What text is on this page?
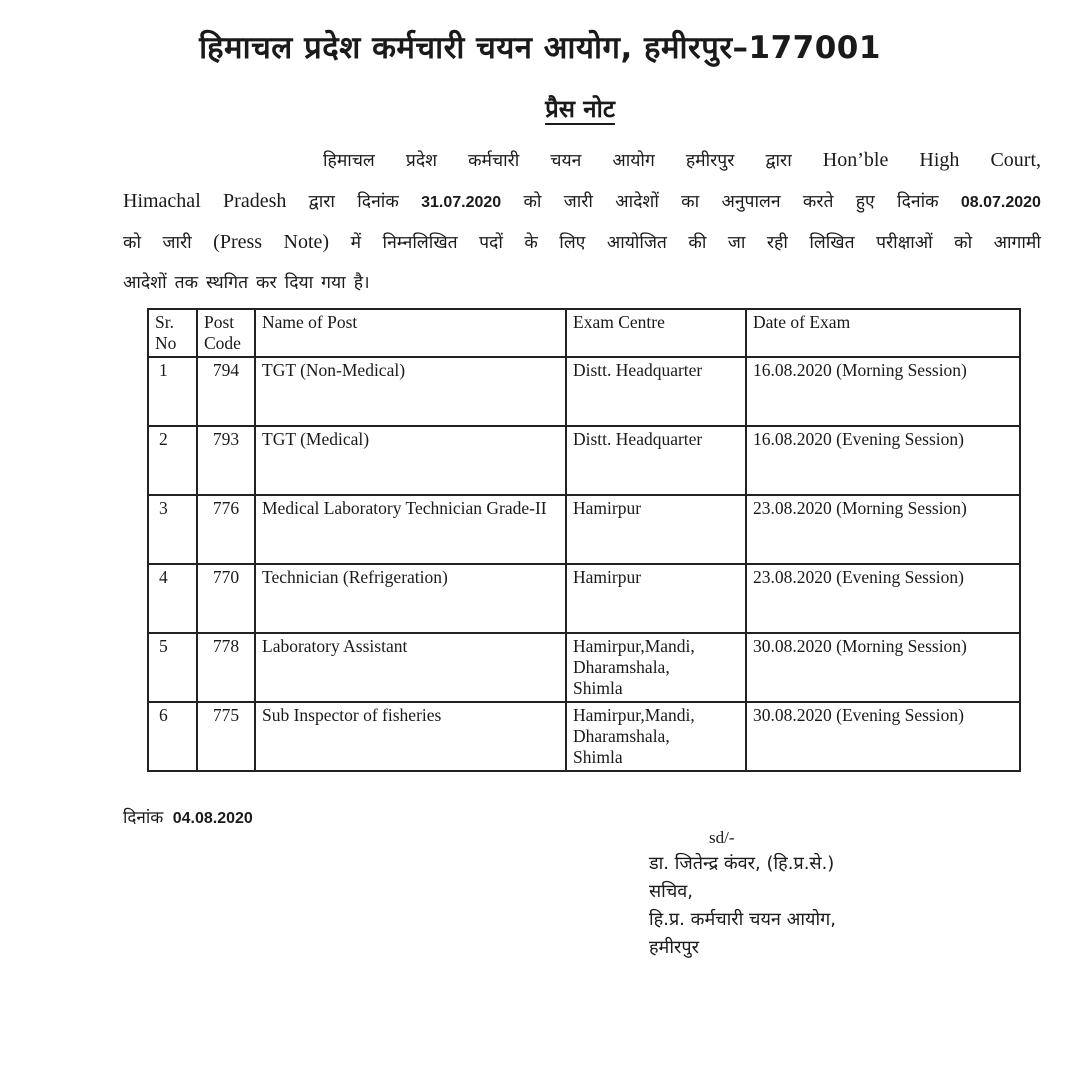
हिमाचल प्रदेश कर्मचारी चयन आयोग, हमीरपुर–177001
प्रैस नोट
हिमाचल प्रदेश कर्मचारी चयन आयोग हमीरपुर द्वारा Hon’ble High Court,
Himachal Pradesh द्वारा दिनांक 31.07.2020 को जारी आदेशों का अनुपालन करते हुए दिनांक 08.07.2020
को जारी (Press Note) में निम्नलिखित पदों के लिए आयोजित की जा रही लिखित परीक्षाओं को आगामी
आदेशों तक स्थगित कर दिया गया है।
Sr. No	Post Code	Name of Post	Exam Centre	Date of Exam
1	794	TGT (Non-Medical)	Distt. Headquarter	16.08.2020 (Morning Session)
2	793	TGT (Medical)	Distt. Headquarter	16.08.2020 (Evening Session)
3	776	Medical Laboratory Technician Grade-II	Hamirpur	23.08.2020 (Morning Session)
4	770	Technician (Refrigeration)	Hamirpur	23.08.2020 (Evening Session)
5	778	Laboratory Assistant	Hamirpur,Mandi,
Dharamshala,
Shimla	30.08.2020 (Morning Session)
6	775	Sub Inspector of fisheries	Hamirpur,Mandi,
Dharamshala,
Shimla	30.08.2020 (Evening Session)
दिनांक 04.08.2020
sd/-
डा. जितेन्द्र कंवर, (हि.प्र.से.)
सचिव,
हि.प्र. कर्मचारी चयन आयोग,
हमीरपुर
